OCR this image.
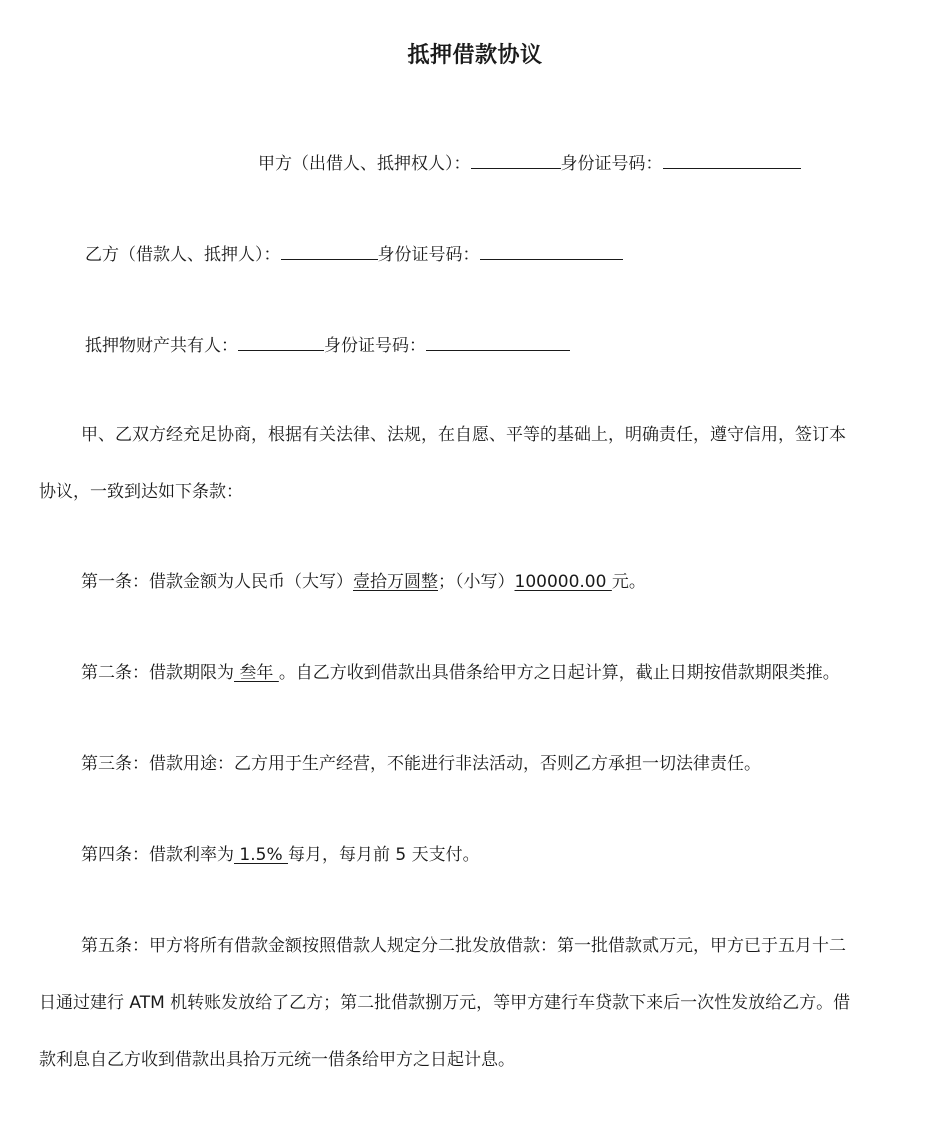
抵押借款协议
甲方（出借人、抵押权人）：	身份证号码：
乙方（借款人、抵押人）：	身份证号码：
抵押物财产共有人：	身份证号码：
甲、乙双方经充足协商，根据有关法律、法规，在自愿、平等的基础上，明确责任，遵守信用，签订本
协议，一致到达如下条款：
第一条：借款金额为人民币（大写）壹拾万圆整；（小写）100000.00 元。
第二条：借款期限为 叁年 。自乙方收到借款出具借条给甲方之日起计算，截止日期按借款期限类推。
第三条：借款用途：乙方用于生产经营，不能进行非法活动，否则乙方承担一切法律责任。
第四条：借款利率为 1.5% 每月，每月前 5 天支付。
第五条：甲方将所有借款金额按照借款人规定分二批发放借款：第一批借款贰万元，甲方已于五月十二
日通过建行 ATM 机转账发放给了乙方；第二批借款捌万元，等甲方建行车贷款下来后一次性发放给乙方。借
款利息自乙方收到借款出具拾万元统一借条给甲方之日起计息。
